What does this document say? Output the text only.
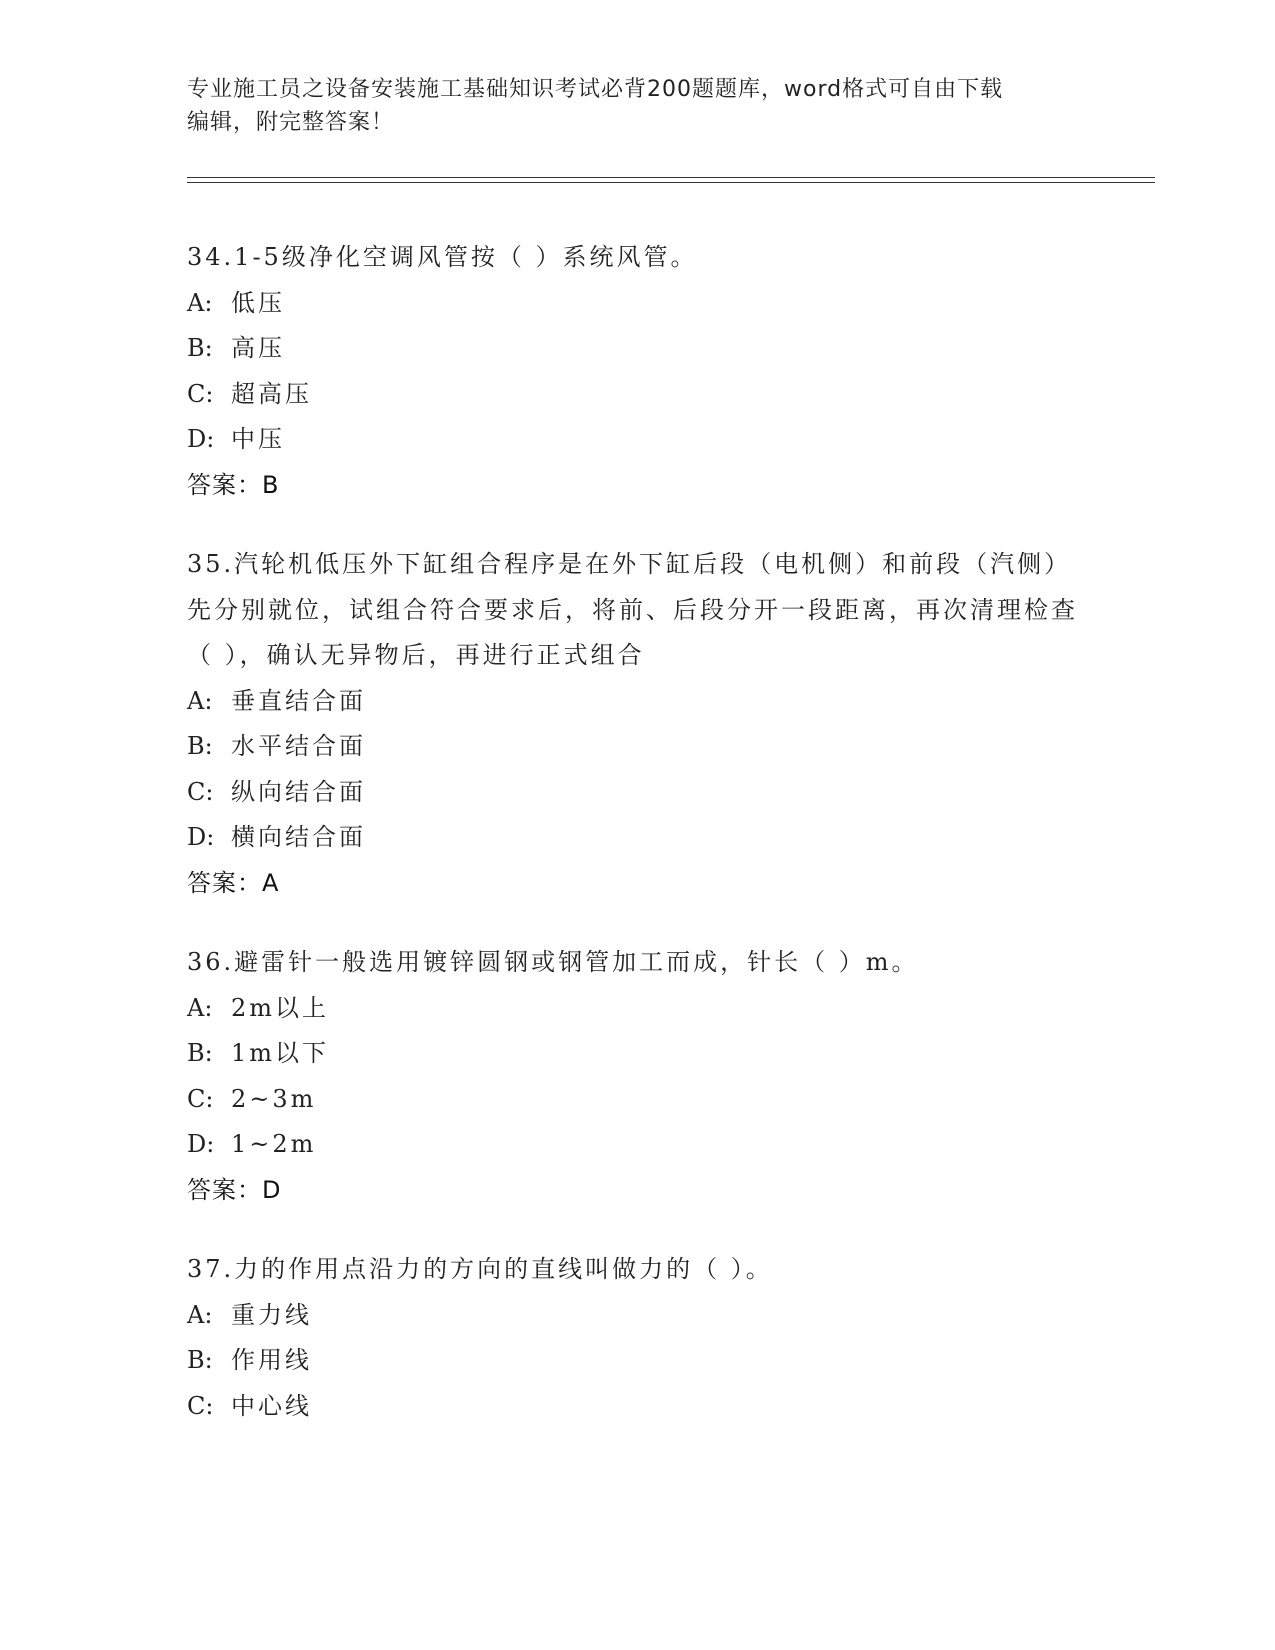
专业施工员之设备安装施工基础知识考试必背200题题库，word格式可自由下载
编辑，附完整答案！
34.1-5级净化空调风管按（ ）系统风管。
A: 低压
B: 高压
C: 超高压
D: 中压
答案：B
35.汽轮机低压外下缸组合程序是在外下缸后段（电机侧）和前段（汽侧）先分别就位，试组合符合要求后，将前、后段分开一段距离，再次清理检查（ ），确认无异物后，再进行正式组合
A: 垂直结合面
B: 水平结合面
C: 纵向结合面
D: 横向结合面
答案：A
36.避雷针一般选用镀锌圆钢或钢管加工而成，针长（ ）m。
A: 2m以上
B: 1m以下
C: 2~3m
D: 1~2m
答案：D
37.力的作用点沿力的方向的直线叫做力的（ ）。
A: 重力线
B: 作用线
C: 中心线
